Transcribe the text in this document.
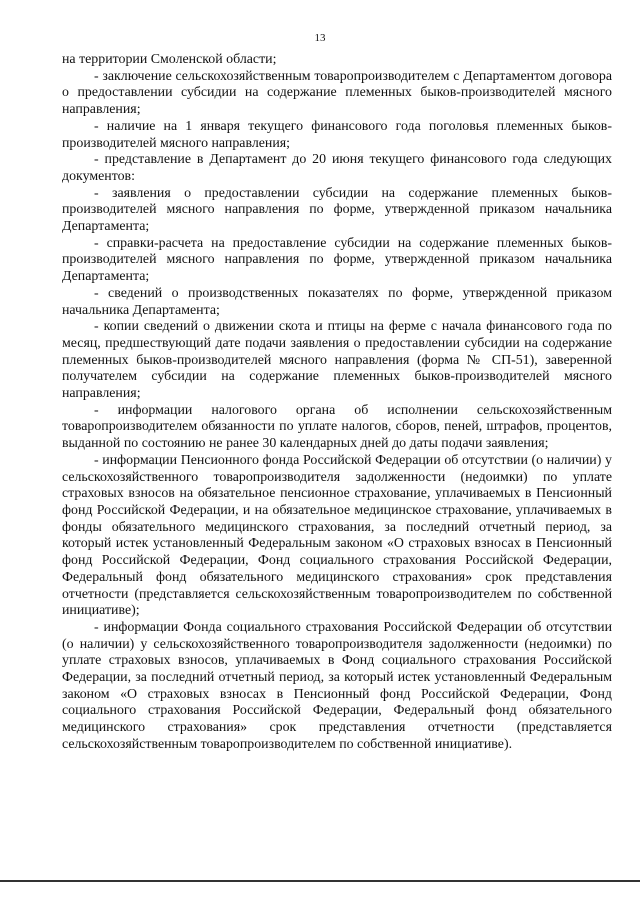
13

на территории Смоленской области;

- заключение сельскохозяйственным товаропроизводителем с Департаментом договора о предоставлении субсидии на содержание племенных быков-производителей мясного направления;

- наличие на 1 января текущего финансового года поголовья племенных быков-производителей мясного направления;

- представление в Департамент до 20 июня текущего финансового года следующих документов:

- заявления о предоставлении субсидии на содержание племенных быков-производителей мясного направления по форме, утвержденной приказом начальника Департамента;

- справки-расчета на предоставление субсидии на содержание племенных быков-производителей мясного направления по форме, утвержденной приказом начальника Департамента;

- сведений о производственных показателях по форме, утвержденной приказом начальника Департамента;

- копии сведений о движении скота и птицы на ферме с начала финансового года по месяц, предшествующий дате подачи заявления о предоставлении субсидии на содержание племенных быков-производителей мясного направления (форма № СП-51), заверенной получателем субсидии на содержание племенных быков-производителей мясного направления;

- информации налогового органа об исполнении сельскохозяйственным товаропроизводителем обязанности по уплате налогов, сборов, пеней, штрафов, процентов, выданной по состоянию не ранее 30 календарных дней до даты подачи заявления;

- информации Пенсионного фонда Российской Федерации об отсутствии (о наличии) у сельскохозяйственного товаропроизводителя задолженности (недоимки) по уплате страховых взносов на обязательное пенсионное страхование, уплачиваемых в Пенсионный фонд Российской Федерации, и на обязательное медицинское страхование, уплачиваемых в фонды обязательного медицинского страхования, за последний отчетный период, за который истек установленный Федеральным законом «О страховых взносах в Пенсионный фонд Российской Федерации, Фонд социального страхования Российской Федерации, Федеральный фонд обязательного медицинского страхования» срок представления отчетности (представляется сельскохозяйственным товаропроизводителем по собственной инициативе);

- информации Фонда социального страхования Российской Федерации об отсутствии (о наличии) у сельскохозяйственного товаропроизводителя задолженности (недоимки) по уплате страховых взносов, уплачиваемых в Фонд социального страхования Российской Федерации, за последний отчетный период, за который истек установленный Федеральным законом «О страховых взносах в Пенсионный фонд Российской Федерации, Фонд социального страхования Российской Федерации, Федеральный фонд обязательного медицинского страхования» срок представления отчетности (представляется сельскохозяйственным товаропроизводителем по собственной инициативе).
